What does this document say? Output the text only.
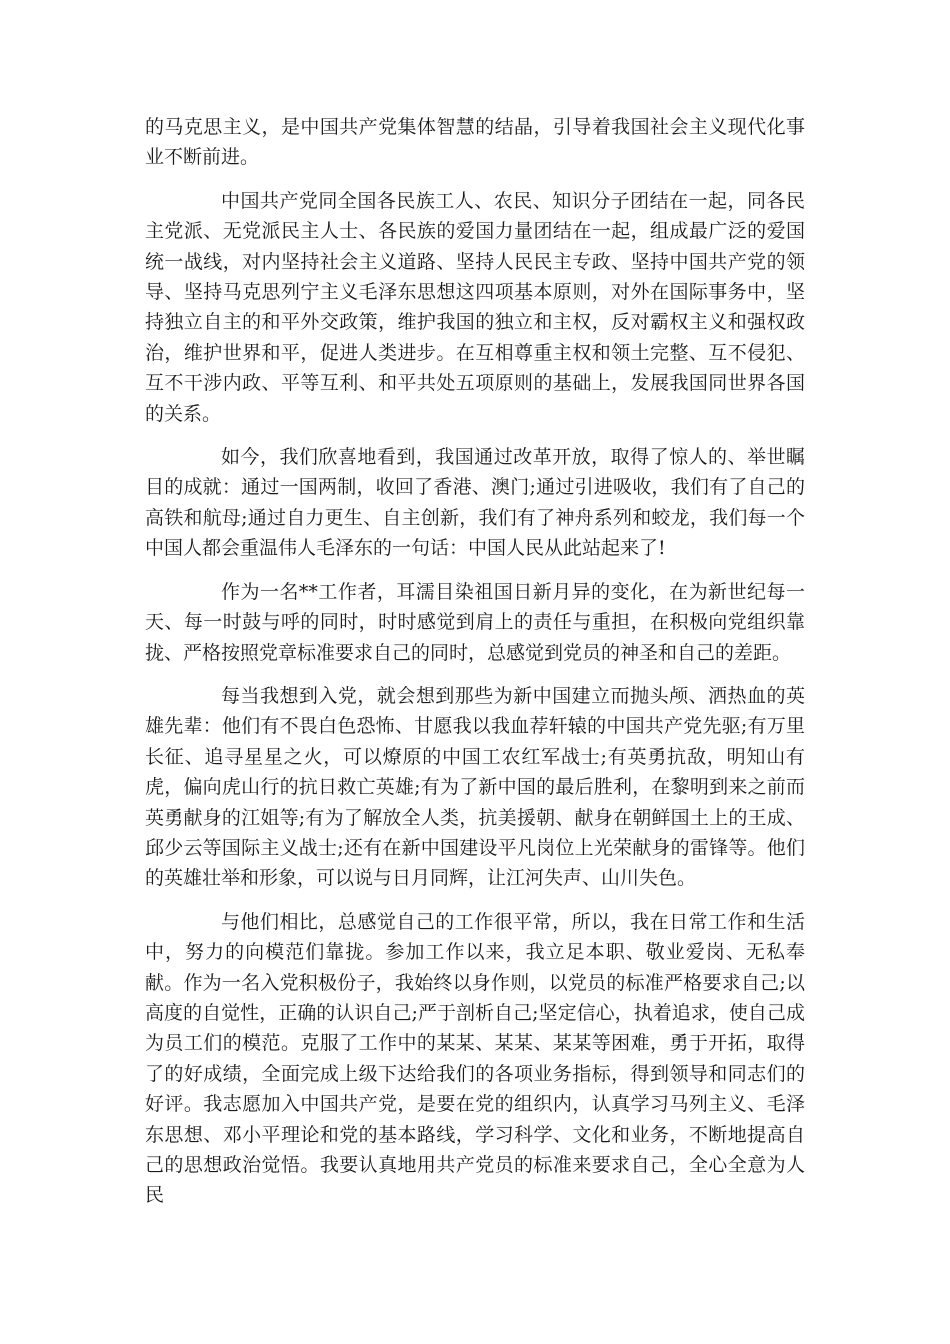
的马克思主义，是中国共产党集体智慧的结晶，引导着我国社会主义现代化事业不断前进。

中国共产党同全国各民族工人、农民、知识分子团结在一起，同各民主党派、无党派民主人士、各民族的爱国力量团结在一起，组成最广泛的爱国统一战线，对内坚持社会主义道路、坚持人民民主专政、坚持中国共产党的领导、坚持马克思列宁主义毛泽东思想这四项基本原则，对外在国际事务中，坚持独立自主的和平外交政策，维护我国的独立和主权，反对霸权主义和强权政治，维护世界和平，促进人类进步。在互相尊重主权和领土完整、互不侵犯、互不干涉内政、平等互利、和平共处五项原则的基础上，发展我国同世界各国的关系。

如今，我们欣喜地看到，我国通过改革开放，取得了惊人的、举世瞩目的成就：通过一国两制，收回了香港、澳门;通过引进吸收，我们有了自己的高铁和航母;通过自力更生、自主创新，我们有了神舟系列和蛟龙，我们每一个中国人都会重温伟人毛泽东的一句话：中国人民从此站起来了!

作为一名**工作者，耳濡目染祖国日新月异的变化，在为新世纪每一天、每一时鼓与呼的同时，时时感觉到肩上的责任与重担，在积极向党组织靠拢、严格按照党章标准要求自己的同时，总感觉到党员的神圣和自己的差距。

每当我想到入党，就会想到那些为新中国建立而抛头颅、洒热血的英雄先辈：他们有不畏白色恐怖、甘愿我以我血荐轩辕的中国共产党先驱;有万里长征、追寻星星之火，可以燎原的中国工农红军战士;有英勇抗敌，明知山有虎，偏向虎山行的抗日救亡英雄;有为了新中国的最后胜利，在黎明到来之前而英勇献身的江姐等;有为了解放全人类，抗美援朝、献身在朝鲜国土上的王成、邱少云等国际主义战士;还有在新中国建设平凡岗位上光荣献身的雷锋等。他们的英雄壮举和形象，可以说与日月同辉，让江河失声、山川失色。

与他们相比，总感觉自己的工作很平常，所以，我在日常工作和生活中，努力的向模范们靠拢。参加工作以来，我立足本职、敬业爱岗、无私奉献。作为一名入党积极份子，我始终以身作则，以党员的标准严格要求自己;以高度的自觉性，正确的认识自己;严于剖析自己;坚定信心，执着追求，使自己成为员工们的模范。克服了工作中的某某、某某、某某等困难，勇于开拓，取得了的好成绩，全面完成上级下达给我们的各项业务指标，得到领导和同志们的好评。我志愿加入中国共产党，是要在党的组织内，认真学习马列主义、毛泽东思想、邓小平理论和党的基本路线，学习科学、文化和业务，不断地提高自己的思想政治觉悟。我要认真地用共产党员的标准来要求自己，全心全意为人民
